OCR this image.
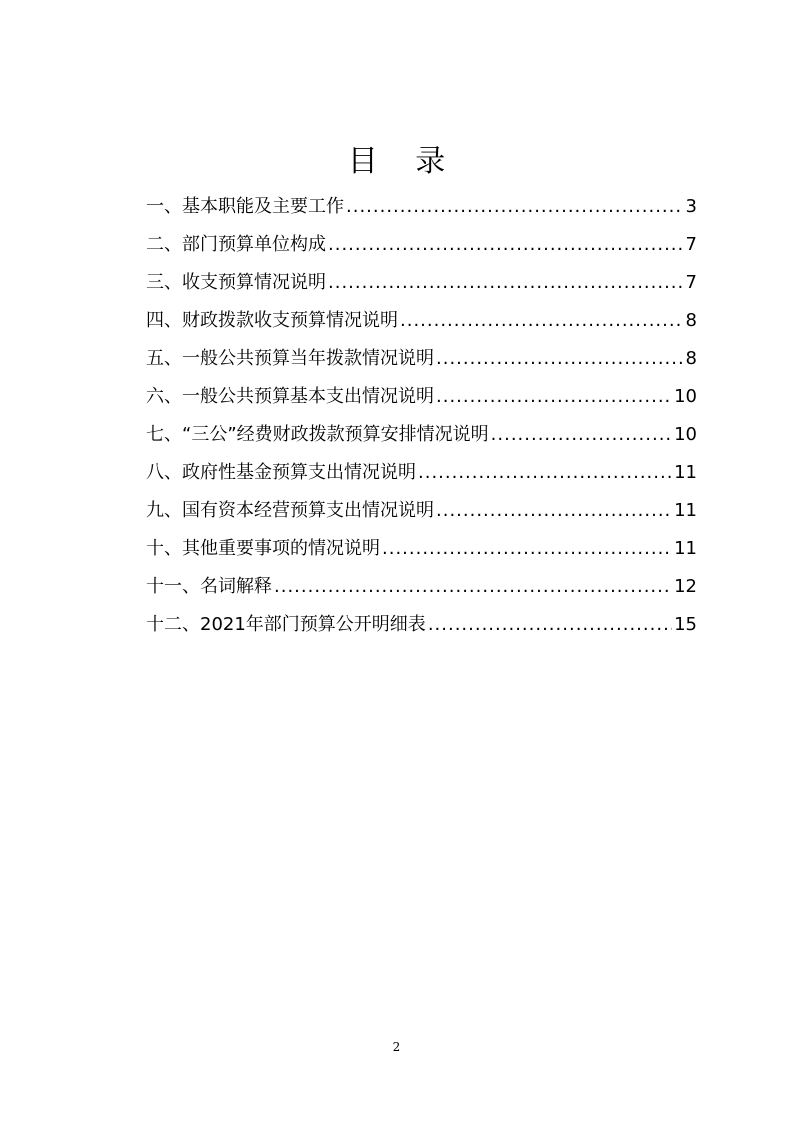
目 录
一、基本职能及主要工作 .....	3
二、部门预算单位构成 .....	7
三、收支预算情况说明 .....	7
四、财政拨款收支预算情况说明 .....	8
五、一般公共预算当年拨款情况说明 .....	8
六、一般公共预算基本支出情况说明 .....	10
七、“三公”经费财政拨款预算安排情况说明 .....	10
八、政府性基金预算支出情况说明 .....	11
九、国有资本经营预算支出情况说明 .....	11
十、其他重要事项的情况说明 .....	11
十一、名词解释 .....	12
十二、2021年部门预算公开明细表 .....	15
2
